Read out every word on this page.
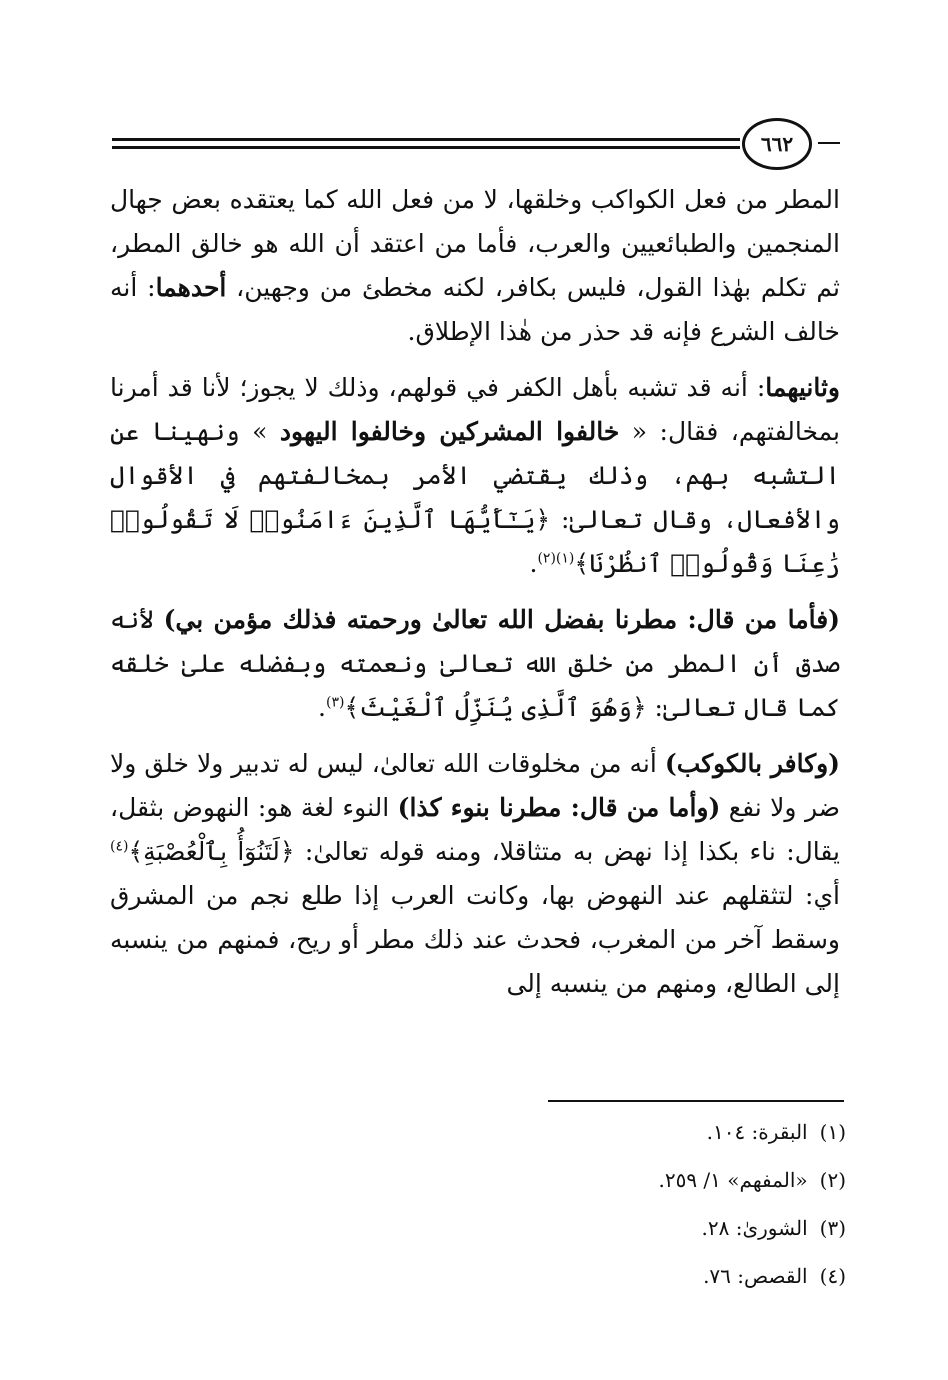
٦٦٢

المطر من فعل الكواكب وخلقها، لا من فعل الله كما يعتقده بعض جهال المنجمين والطبائعيين والعرب، فأما من اعتقد أن الله هو خالق المطر، ثم تكلم بهٰذا القول، فليس بكافر، لكنه مخطئ من وجهين، أحدهما: أنه خالف الشرع فإنه قد حذر من هٰذا الإطلاق.

وثانيهما: أنه قد تشبه بأهل الكفر في قولهم، وذلك لا يجوز؛ لأنا قد أمرنا بمخالفتهم، فقال: « خالفوا المشركين وخالفوا اليهود » ونهينا عن التشبه بهم، وذلك يقتضي الأمر بمخالفتهم في الأقوال والأفعال، وقال تعالىٰ: ﴿يَـٰٓأَيُّهَا ٱلَّذِينَ ءَامَنُوا۟ لَا تَقُولُوا۟ رَٰعِنَا وَقُولُوا۟ ٱنظُرْنَا﴾$^{(١)(٢)}$.

(فأما من قال: مطرنا بفضل الله تعالىٰ ورحمته فذلك مؤمن بي) لأنه صدق أن المطر من خلق الله تعالىٰ ونعمته وبفضله علىٰ خلقه كما قال تعالىٰ: ﴿وَهُوَ ٱلَّذِى يُنَزِّلُ ٱلْغَيْثَ﴾$^{(٣)}$.

(وكافر بالكوكب) أنه من مخلوقات الله تعالىٰ، ليس له تدبير ولا خلق ولا ضر ولا نفع (وأما من قال: مطرنا بنوء كذا) النوء لغة هو: النهوض بثقل، يقال: ناء بكذا إذا نهض به متثاقلا، ومنه قوله تعالىٰ: ﴿لَتَنُوٓأُ بِٱلْعُصْبَةِ﴾$^{(٤)}$ أي: لتثقلهم عند النهوض بها، وكانت العرب إذا طلع نجم من المشرق وسقط آخر من المغرب، فحدث عند ذلك مطر أو ريح، فمنهم من ينسبه إلى الطالع، ومنهم من ينسبه إلى

(١)البقرة: ١٠٤.
(٢)«المفهم» ١/ ٢٥٩.
(٣)الشورىٰ: ٢٨.
(٤)القصص: ٧٦.
